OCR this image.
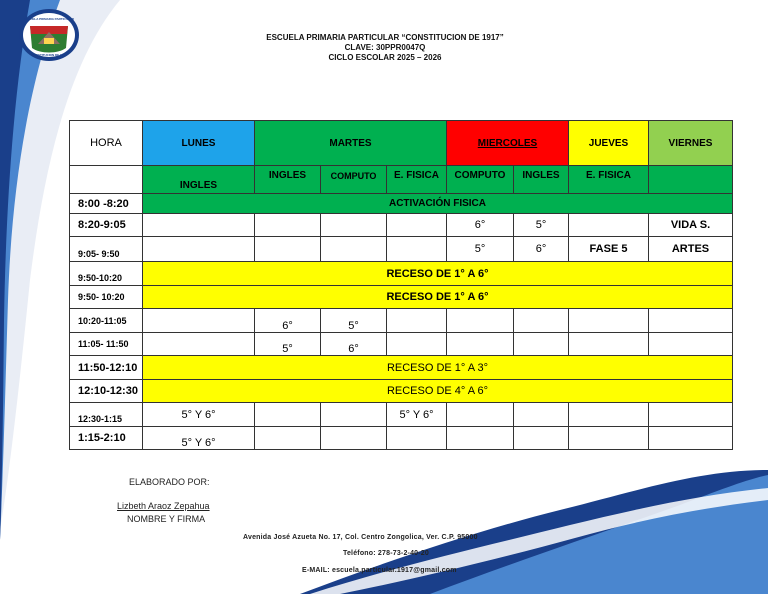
ESCUELA PRIMARIA PARTICULAR
CONSTITUCION DE 1917
ESCUELA PRIMARIA PARTICULAR “CONSTITUCION DE 1917”
CLAVE: 30PPR0047Q
CICLO ESCOLAR 2025 – 2026
HORA	LUNES	MARTES			MIERCOLES		JUEVES	VIERNES
	INGLES	INGLES	COMPUTO	E. FISICA	COMPUTO	INGLES	E. FISICA	
8:00 -8:20	ACTIVACIÓN FISICA							
8:20-9:05					6°	5°		VIDA S.
9:05- 9:50					5°	6°	FASE 5	ARTES
9:50-10:20	RECESO DE 1° A 6°							
9:50- 10:20	RECESO DE 1° A 6°							
10:20-11:05		6°	5°					
11:05- 11:50		5°	6°					
11:50-12:10	RECESO DE 1° A 3°							
12:10-12:30	RECESO DE 4° A 6°							
12:30-1:15	5° Y 6°			5° Y 6°				
1:15-2:10	5° Y 6°							
ELABORADO POR:
Lizbeth Araoz Zepahua
NOMBRE Y FIRMA
Avenida José Azueta No. 17, Col. Centro Zongolica, Ver. C.P. 95000
Teléfono: 278-73-2-40-20
E-MAIL: escuela.particular.1917@gmail.com
